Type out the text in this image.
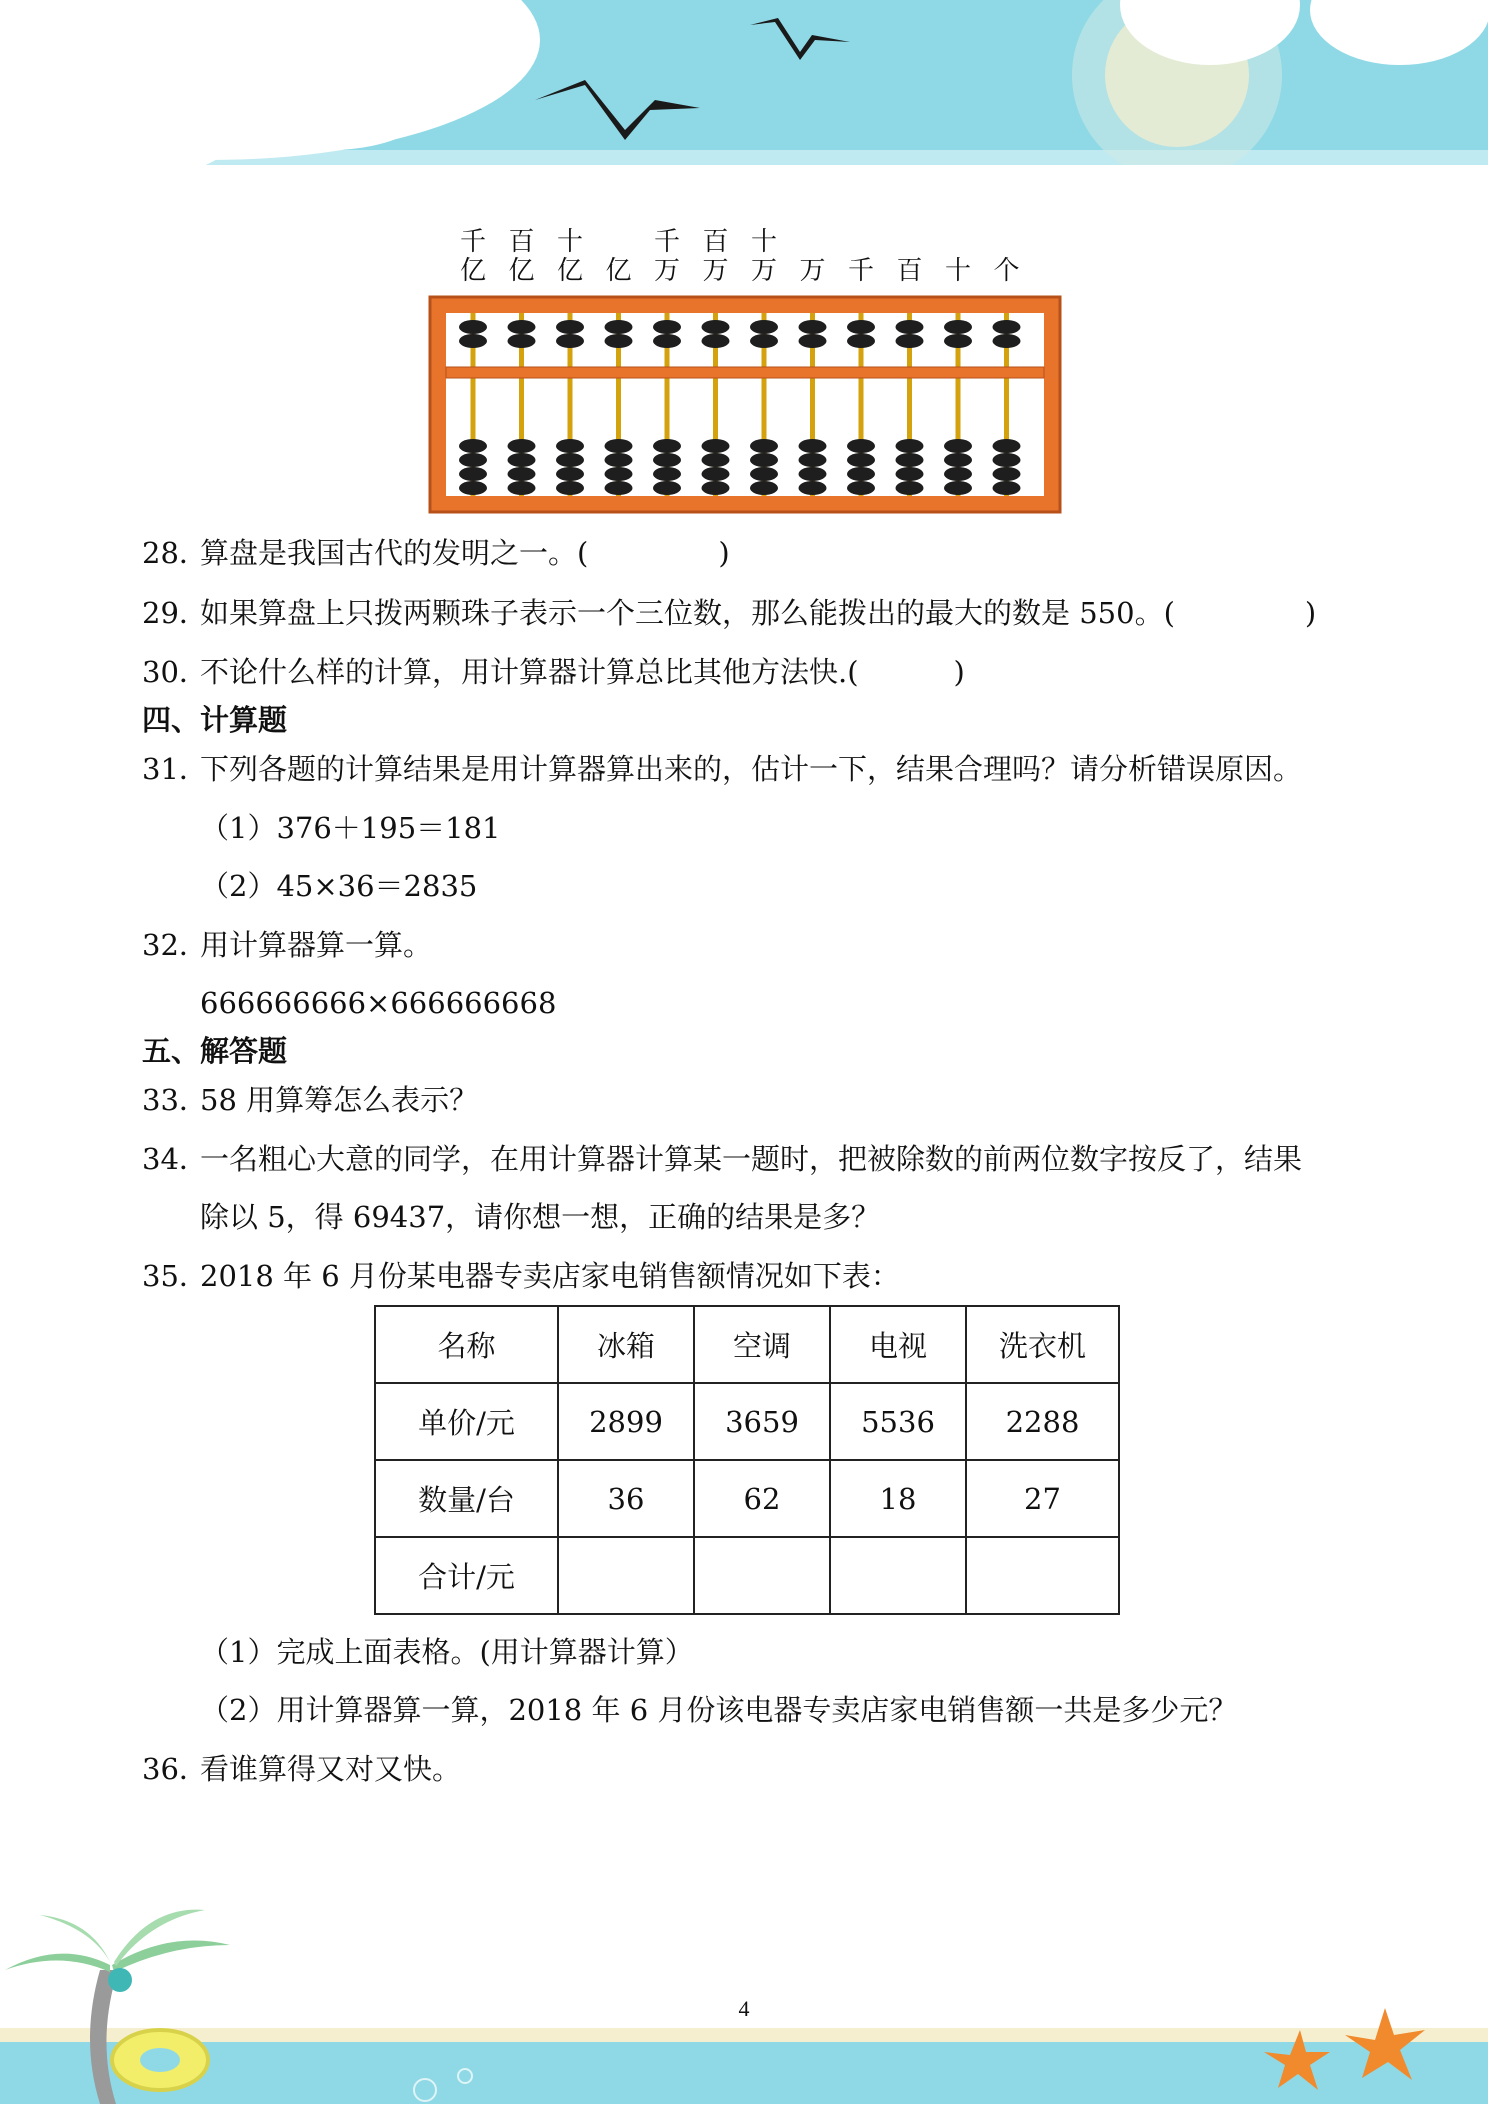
千
亿
百
亿
十
亿 亿
千
万
百
万
十
万 万 千 百 十 个
28．算盘是我国古代的发明之一。(	)
29．如果算盘上只拨两颗珠子表示一个三位数，那么能拨出的最大的数是 550。(	)
30．不论什么样的计算，用计算器计算总比其他方法快.(	)
四、计算题
31．下列各题的计算结果是用计算器算出来的，估计一下，结果合理吗？请分析错误原因。
（1）376＋195＝181
（2）45×36＝2835
32．用计算器算一算。
666666666×666666668
五、解答题
33．58 用算筹怎么表示？
34．一名粗心大意的同学，在用计算器计算某一题时，把被除数的前两位数字按反了，结果
除以 5，得 69437，请你想一想，正确的结果是多？
35．2018 年 6 月份某电器专卖店家电销售额情况如下表：
名称	冰箱	空调	电视	洗衣机
单价/元	2899	3659	5536	2288
数量/台	36	62	18	27
合计/元				
（1）完成上面表格。(用计算器计算）
（2）用计算器算一算，2018 年 6 月份该电器专卖店家电销售额一共是多少元？
36．看谁算得又对又快。
4
